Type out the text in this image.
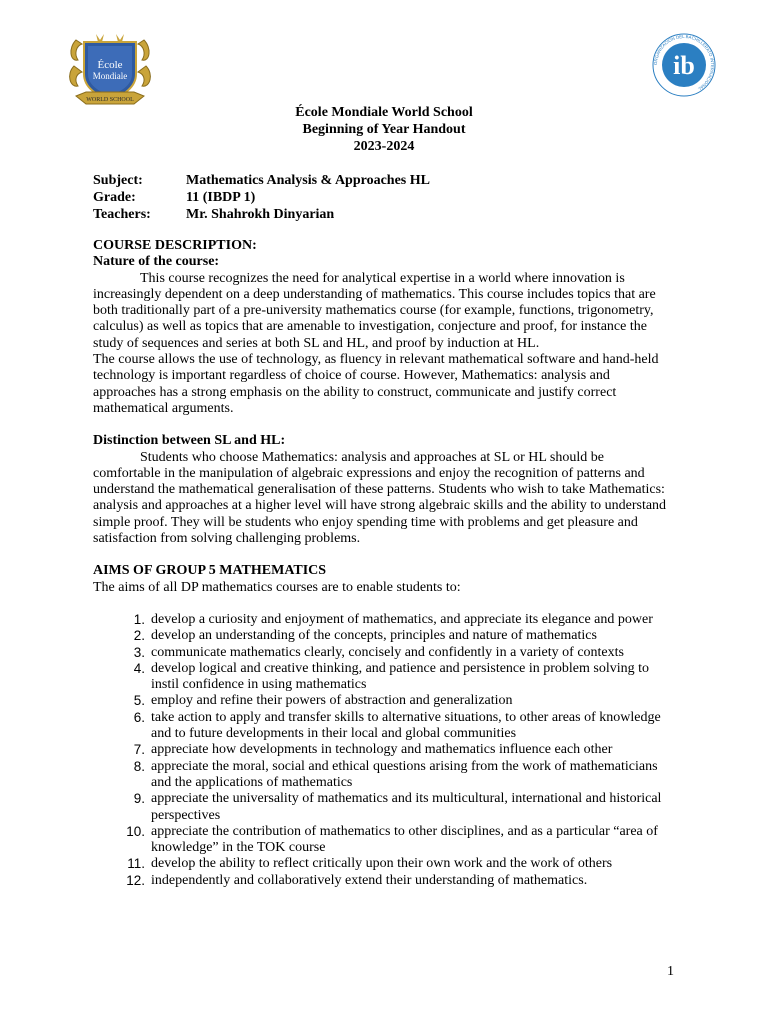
École
Mondiale
WORLD SCHOOL
ib
ORGANIZACIÓN DEL BACHILLERATO INTERNACIONAL
École Mondiale World School
Beginning of Year Handout
2023-2024
Subject:	Mathematics Analysis & Approaches HL
Grade:	11 (IBDP 1)
Teachers:	Mr. Shahrokh Dinyarian

COURSE DESCRIPTION:

Nature of the course:

This course recognizes the need for analytical expertise in a world where innovation is increasingly dependent on a deep understanding of mathematics. This course includes topics that are both traditionally part of a pre-university mathematics course (for example, functions, trigonometry, calculus) as well as topics that are amenable to investigation, conjecture and proof, for instance the study of sequences and series at both SL and HL, and proof by induction at HL.

The course allows the use of technology, as fluency in relevant mathematical software and hand-held technology is important regardless of choice of course. However, Mathematics: analysis and approaches has a strong emphasis on the ability to construct, communicate and justify correct mathematical arguments.

Distinction between SL and HL:

Students who choose Mathematics: analysis and approaches at SL or HL should be comfortable in the manipulation of algebraic expressions and enjoy the recognition of patterns and understand the mathematical generalisation of these patterns. Students who wish to take Mathematics: analysis and approaches at a higher level will have strong algebraic skills and the ability to understand simple proof. They will be students who enjoy spending time with problems and get pleasure and satisfaction from solving challenging problems.

AIMS OF GROUP 5 MATHEMATICS

The aims of all DP mathematics courses are to enable students to:

1. develop a curiosity and enjoyment of mathematics, and appreciate its elegance and power
2. develop an understanding of the concepts, principles and nature of mathematics
3. communicate mathematics clearly, concisely and confidently in a variety of contexts
4. develop logical and creative thinking, and patience and persistence in problem solving to instil confidence in using mathematics
5. employ and refine their powers of abstraction and generalization
6. take action to apply and transfer skills to alternative situations, to other areas of knowledge and to future developments in their local and global communities
7. appreciate how developments in technology and mathematics influence each other
8. appreciate the moral, social and ethical questions arising from the work of mathematicians and the applications of mathematics
9. appreciate the universality of mathematics and its multicultural, international and historical perspectives
10. appreciate the contribution of mathematics to other disciplines, and as a particular “area of knowledge” in the TOK course
11. develop the ability to reflect critically upon their own work and the work of others
12. independently and collaboratively extend their understanding of mathematics.
1
